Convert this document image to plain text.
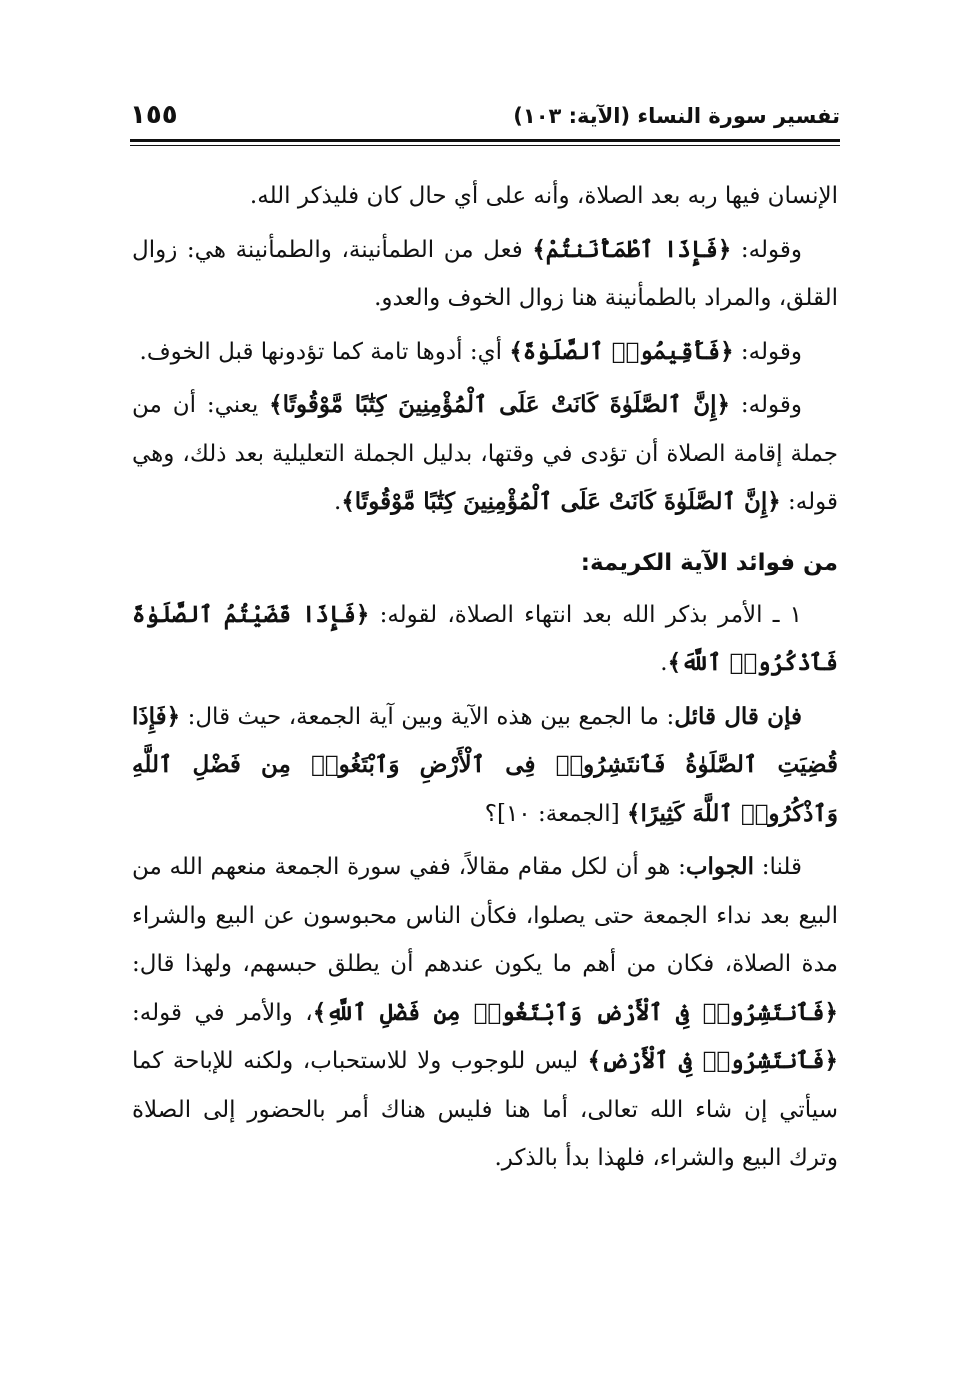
تفسير سورة النساء (الآية: ١٠٣)
١٥٥

الإنسان فيها ربه بعد الصلاة، وأنه على أي حال كان فليذكر الله.

وقوله: ﴿فَإِذَا ٱطْمَأْنَنتُمْ﴾ فعل من الطمأنينة، والطمأنينة هي: زوال القلق، والمراد بالطمأنينة هنا زوال الخوف والعدو.

وقوله: ﴿فَأَقِيمُوا۟ ٱلصَّلَوٰةَ﴾ أي: أدوها تامة كما تؤدونها قبل الخوف.

وقوله: ﴿إِنَّ ٱلصَّلَوٰةَ كَانَتْ عَلَى ٱلْمُؤْمِنِينَ كِتَٰبًا مَّوْقُوتًا﴾ يعني: أن من جملة إقامة الصلاة أن تؤدى في وقتها، بدليل الجملة التعليلية بعد ذلك، وهي قوله: ﴿إِنَّ ٱلصَّلَوٰةَ كَانَتْ عَلَى ٱلْمُؤْمِنِينَ كِتَٰبًا مَّوْقُوتًا﴾.

من فوائد الآية الكريمة:

١ ـ الأمر بذكر الله بعد انتهاء الصلاة، لقوله: ﴿فَإِذَا قَضَيْتُمُ ٱلصَّلَوٰةَ فَٱذْكُرُوا۟ ٱللَّهَ﴾.

فإن قال قائل: ما الجمع بين هذه الآية وبين آية الجمعة، حيث قال: ﴿فَإِذَا قُضِيَتِ ٱلصَّلَوٰةُ فَٱنتَشِرُوا۟ فِى ٱلْأَرْضِ وَٱبْتَغُوا۟ مِن فَضْلِ ٱللَّهِ وَٱذْكُرُوا۟ ٱللَّهَ كَثِيرًا﴾ [الجمعة: ١٠]؟

قلنا: الجواب: هو أن لكل مقام مقالاً، ففي سورة الجمعة منعهم الله من البيع بعد نداء الجمعة حتى يصلوا، فكأن الناس محبوسون عن البيع والشراء مدة الصلاة، فكان من أهم ما يكون عندهم أن يطلق حبسهم، ولهذا قال: ﴿فَٱنتَشِرُوا۟ فِى ٱلْأَرْضِ وَٱبْتَغُوا۟ مِن فَضْلِ ٱللَّهِ﴾، والأمر في قوله: ﴿فَٱنتَشِرُوا۟ فِى ٱلْأَرْضِ﴾ ليس للوجوب ولا للاستحباب، ولكنه للإباحة كما سيأتي إن شاء الله تعالى، أما هنا فليس هناك أمر بالحضور إلى الصلاة وترك البيع والشراء، فلهذا بدأ بالذكر.
